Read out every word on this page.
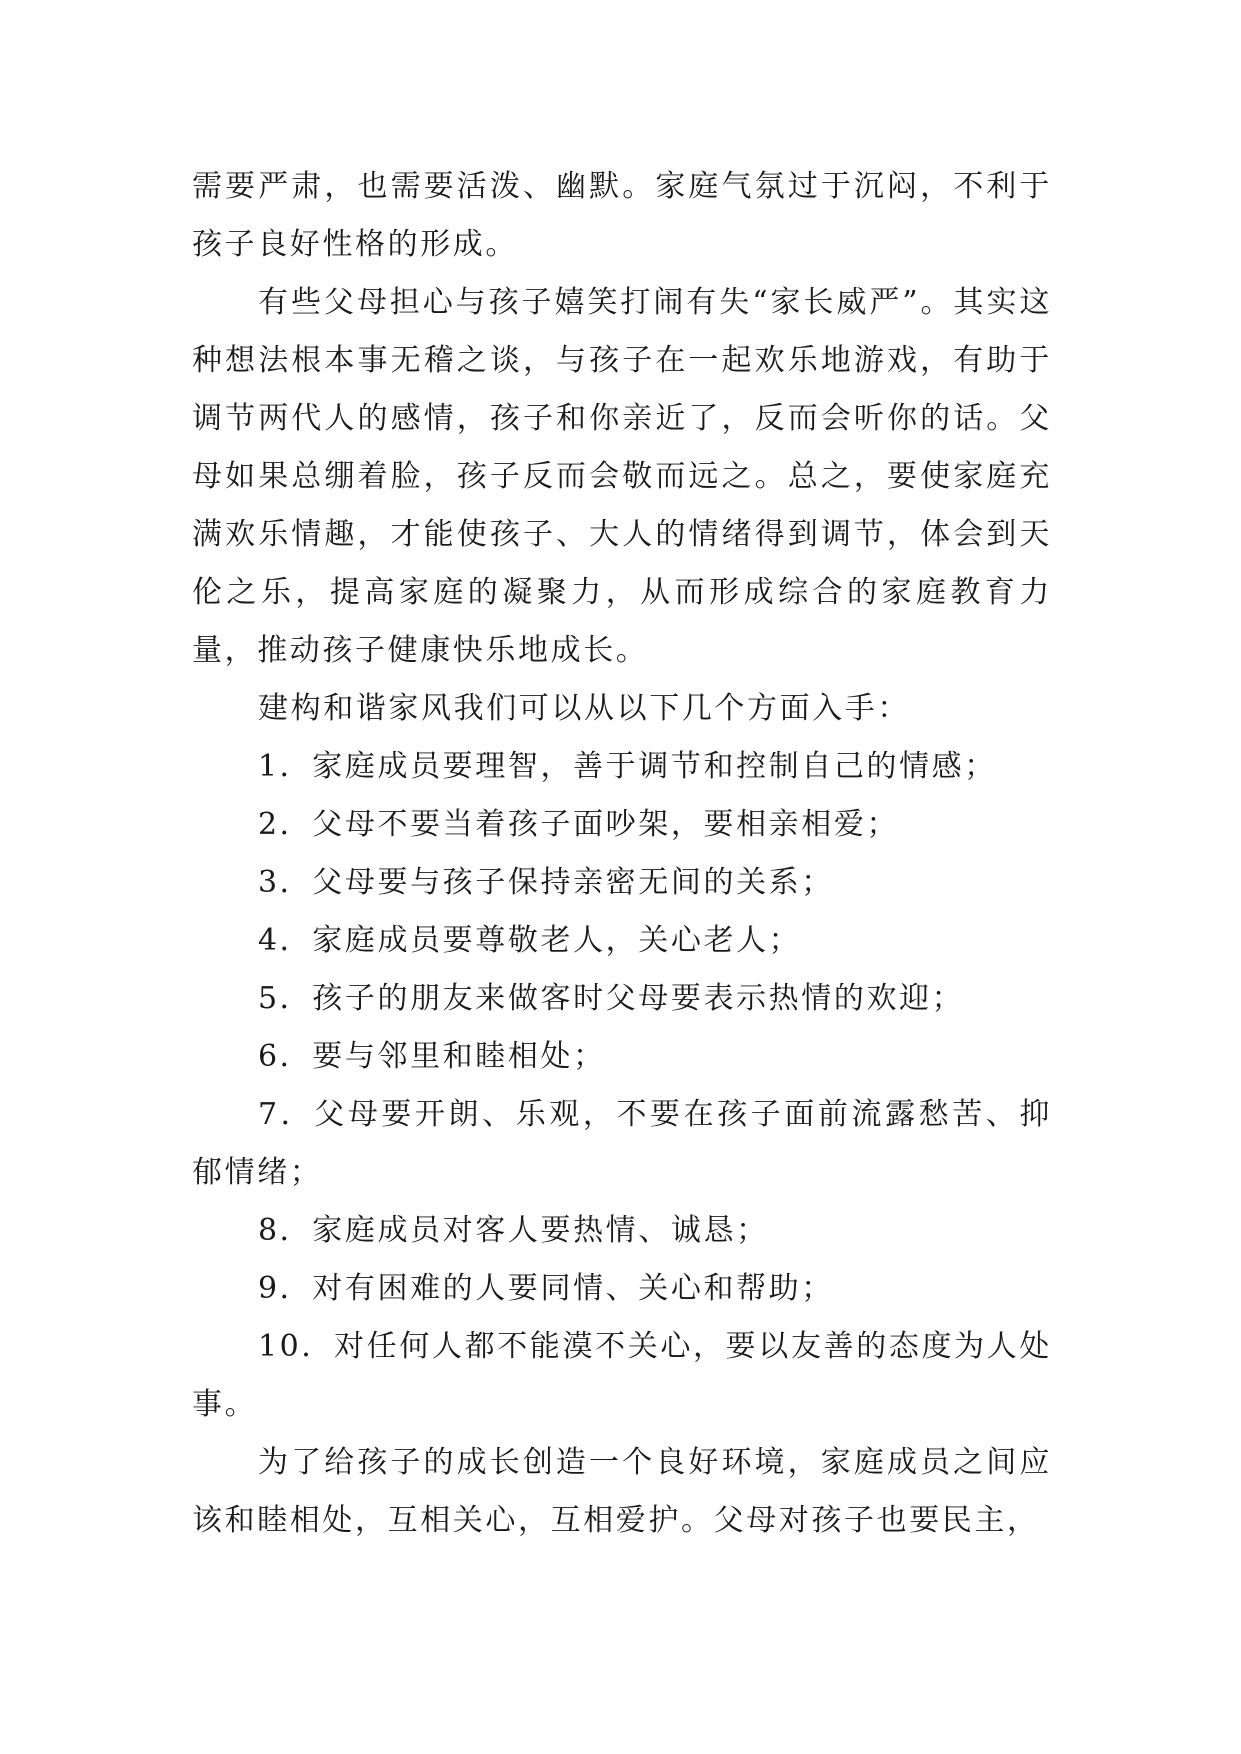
需要严肃，也需要活泼、幽默。家庭气氛过于沉闷，不利于孩子良好性格的形成。

有些父母担心与孩子嬉笑打闹有失“家长威严”。其实这种想法根本事无稽之谈，与孩子在一起欢乐地游戏，有助于调节两代人的感情，孩子和你亲近了，反而会听你的话。父母如果总绷着脸，孩子反而会敬而远之。总之，要使家庭充满欢乐情趣，才能使孩子、大人的情绪得到调节，体会到天伦之乐，提高家庭的凝聚力，从而形成综合的家庭教育力量，推动孩子健康快乐地成长。

建构和谐家风我们可以从以下几个方面入手：

1．家庭成员要理智，善于调节和控制自己的情感；

2．父母不要当着孩子面吵架，要相亲相爱；

3．父母要与孩子保持亲密无间的关系；

4．家庭成员要尊敬老人，关心老人；

5．孩子的朋友来做客时父母要表示热情的欢迎；

6．要与邻里和睦相处；

7．父母要开朗、乐观，不要在孩子面前流露愁苦、抑郁情绪；

8．家庭成员对客人要热情、诚恳；

9．对有困难的人要同情、关心和帮助；

10．对任何人都不能漠不关心，要以友善的态度为人处事。

为了给孩子的成长创造一个良好环境，家庭成员之间应该和睦相处，互相关心，互相爱护。父母对孩子也要民主，
